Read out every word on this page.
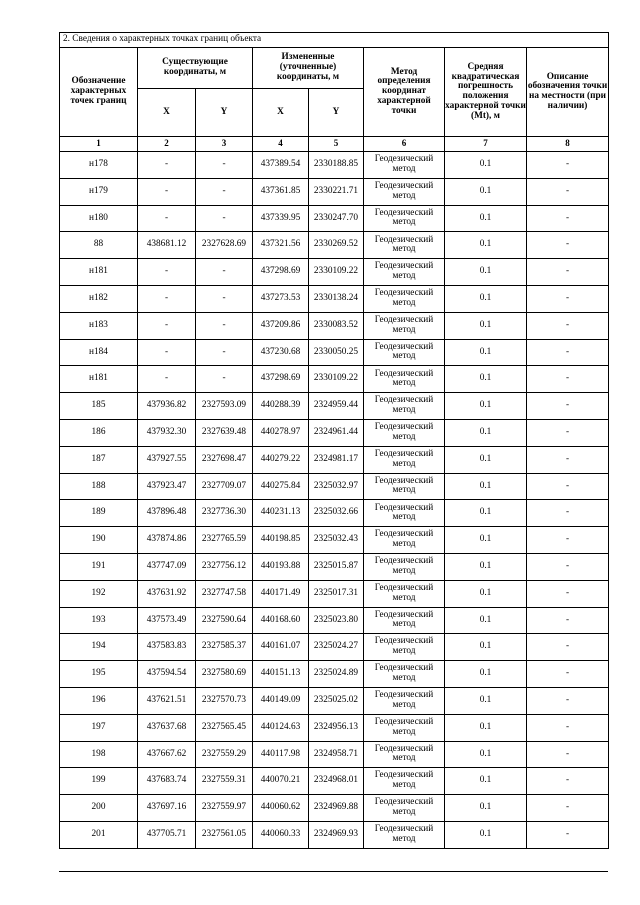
2. Сведения о характерных точках границ объекта							
Обозначение характерных точек границ	Существующие координаты, м		Измененные (уточненные) координаты, м		Метод определения координат характерной точки	Средняя квадратическая погрешность положения характерной точки (Mt), м	Описание обозначения точки на местности (при наличии)
	X	Y	X	Y			
1	2	3	4	5	6	7	8
н178	-	-	437389.54	2330188.85	Геодезический метод	0.1	-
н179	-	-	437361.85	2330221.71	Геодезический метод	0.1	-
н180	-	-	437339.95	2330247.70	Геодезический метод	0.1	-
88	438681.12	2327628.69	437321.56	2330269.52	Геодезический метод	0.1	-
н181	-	-	437298.69	2330109.22	Геодезический метод	0.1	-
н182	-	-	437273.53	2330138.24	Геодезический метод	0.1	-
н183	-	-	437209.86	2330083.52	Геодезический метод	0.1	-
н184	-	-	437230.68	2330050.25	Геодезический метод	0.1	-
н181	-	-	437298.69	2330109.22	Геодезический метод	0.1	-
185	437936.82	2327593.09	440288.39	2324959.44	Геодезический метод	0.1	-
186	437932.30	2327639.48	440278.97	2324961.44	Геодезический метод	0.1	-
187	437927.55	2327698.47	440279.22	2324981.17	Геодезический метод	0.1	-
188	437923.47	2327709.07	440275.84	2325032.97	Геодезический метод	0.1	-
189	437896.48	2327736.30	440231.13	2325032.66	Геодезический метод	0.1	-
190	437874.86	2327765.59	440198.85	2325032.43	Геодезический метод	0.1	-
191	437747.09	2327756.12	440193.88	2325015.87	Геодезический метод	0.1	-
192	437631.92	2327747.58	440171.49	2325017.31	Геодезический метод	0.1	-
193	437573.49	2327590.64	440168.60	2325023.80	Геодезический метод	0.1	-
194	437583.83	2327585.37	440161.07	2325024.27	Геодезический метод	0.1	-
195	437594.54	2327580.69	440151.13	2325024.89	Геодезический метод	0.1	-
196	437621.51	2327570.73	440149.09	2325025.02	Геодезический метод	0.1	-
197	437637.68	2327565.45	440124.63	2324956.13	Геодезический метод	0.1	-
198	437667.62	2327559.29	440117.98	2324958.71	Геодезический метод	0.1	-
199	437683.74	2327559.31	440070.21	2324968.01	Геодезический метод	0.1	-
200	437697.16	2327559.97	440060.62	2324969.88	Геодезический метод	0.1	-
201	437705.71	2327561.05	440060.33	2324969.93	Геодезический метод	0.1	-
